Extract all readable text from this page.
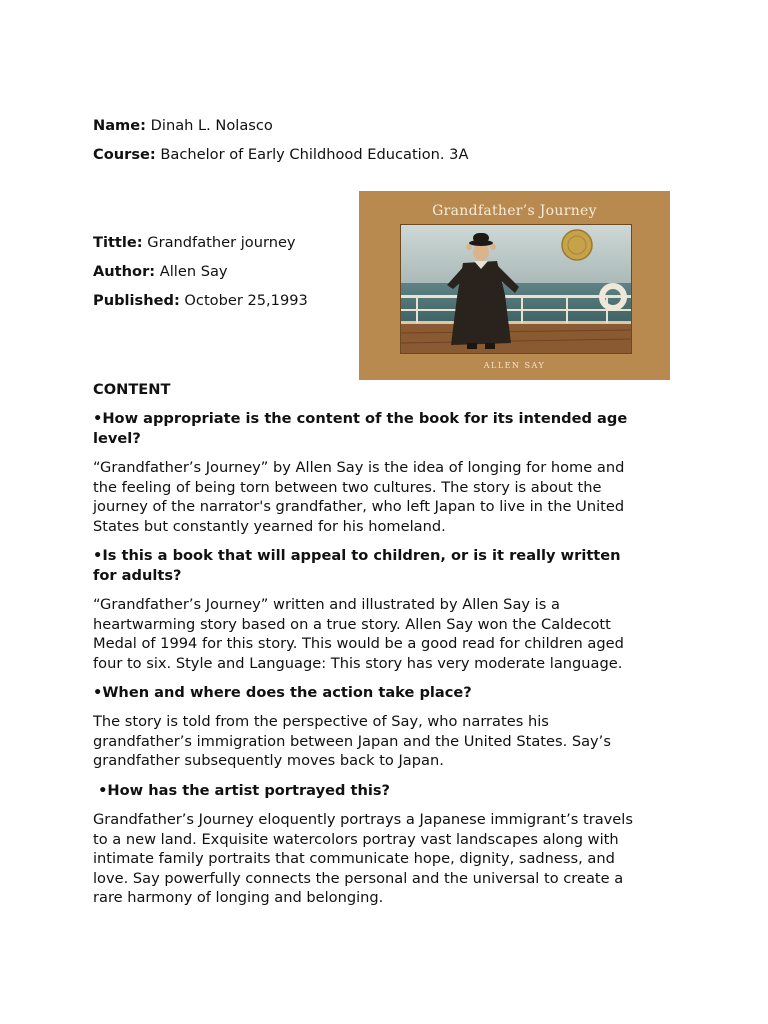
Name: Dinah L. Nolasco
Course: Bachelor of Early Childhood Education. 3A
Tittle: Grandfather journey
Author: Allen Say
Published: October 25,1993
Grandfather’s Journey
ALLEN SAY
CONTENT

•How appropriate is the content of the book for its intended age

level?

“Grandfather’s Journey” by Allen Say is the idea of longing for home and

the feeling of being torn between two cultures. The story is about the

journey of the narrator's grandfather, who left Japan to live in the United

States but constantly yearned for his homeland.

•Is this a book that will appeal to children, or is it really written

for adults?

“Grandfather’s Journey” written and illustrated by Allen Say is a

heartwarming story based on a true story. Allen Say won the Caldecott

Medal of 1994 for this story. This would be a good read for children aged

four to six. Style and Language: This story has very moderate language.

•When and where does the action take place?

The story is told from the perspective of Say, who narrates his

grandfather’s immigration between Japan and the United States. Say’s

grandfather subsequently moves back to Japan.

•How has the artist portrayed this?

Grandfather’s Journey eloquently portrays a Japanese immigrant’s travels

to a new land. Exquisite watercolors portray vast landscapes along with

intimate family portraits that communicate hope, dignity, sadness, and

love. Say powerfully connects the personal and the universal to create a

rare harmony of longing and belonging.
